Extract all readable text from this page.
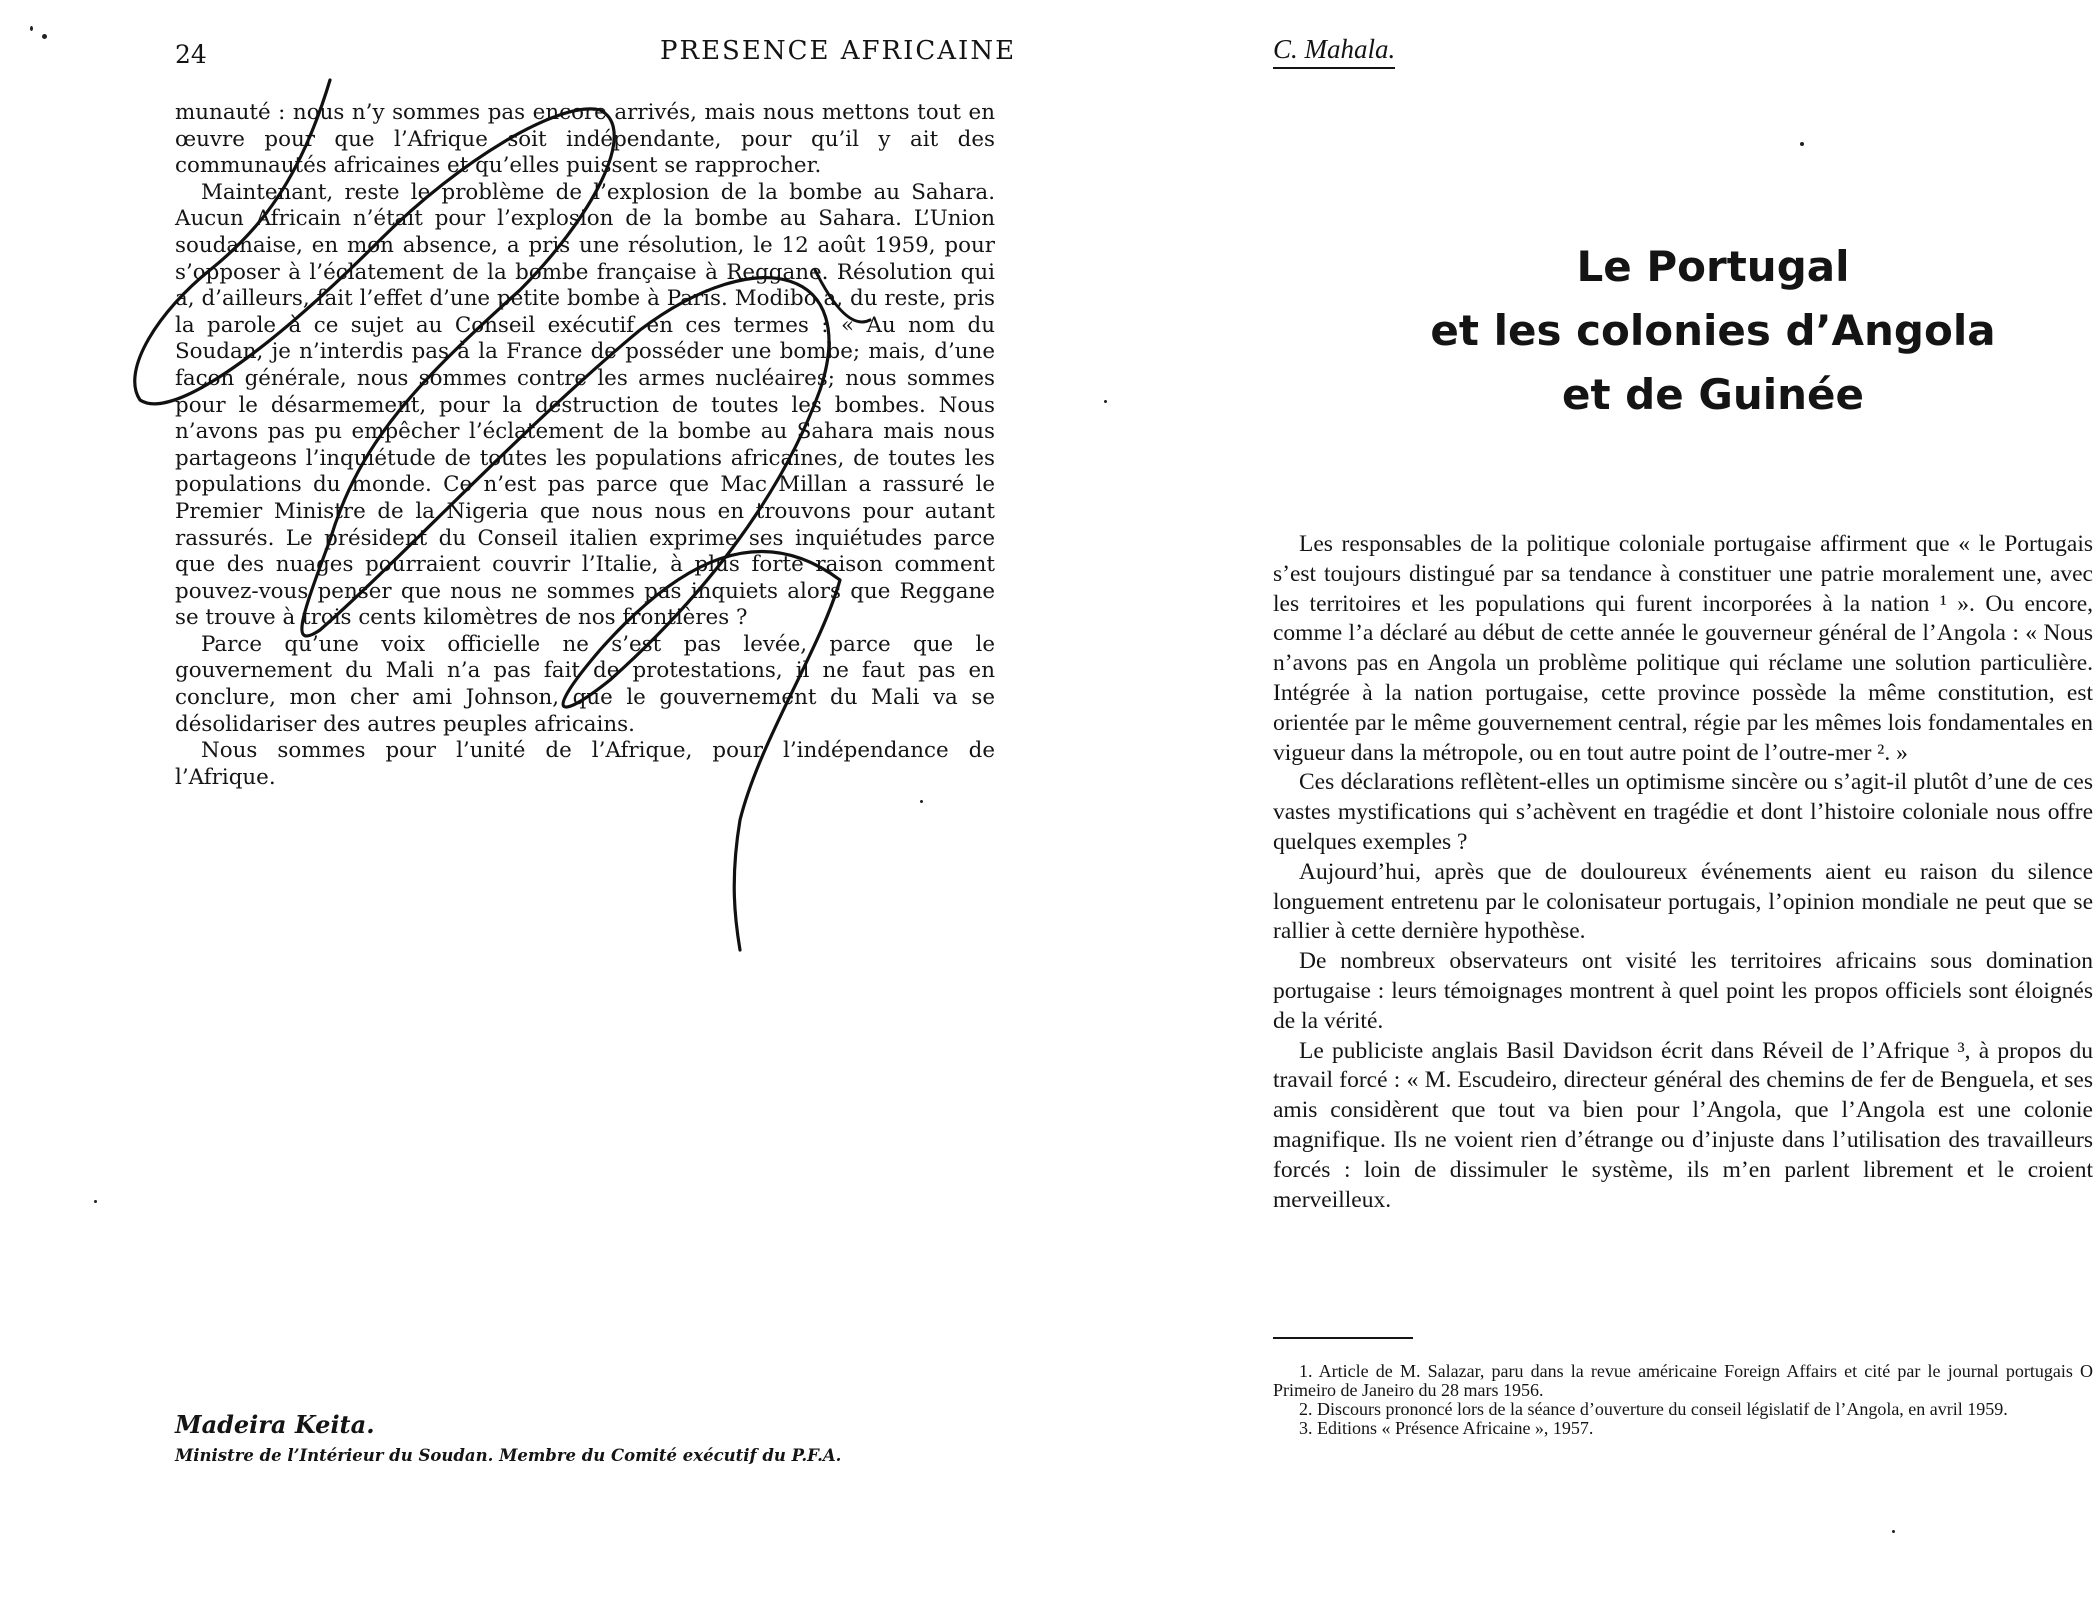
24	PRESENCE AFRICAINE

munauté : nous n’y sommes pas encore arrivés, mais nous mettons tout en œuvre pour que l’Afrique soit indépendante, pour qu’il y ait des communautés africaines et qu’elles puissent se rapprocher.

Maintenant, reste le problème de l’explosion de la bombe au Sahara. Aucun Africain n’était pour l’explosion de la bombe au Sahara. L’Union soudanaise, en mon absence, a pris une résolution, le 12 août 1959, pour s’opposer à l’éclatement de la bombe française à Reggane. Résolution qui a, d’ailleurs, fait l’effet d’une petite bombe à Paris. Modibo a, du reste, pris la parole à ce sujet au Conseil exécutif en ces termes : « Au nom du Soudan, je n’interdis pas à la France de posséder une bombe; mais, d’une façon générale, nous sommes contre les armes nucléaires; nous sommes pour le désarmement, pour la destruction de toutes les bombes. Nous n’avons pas pu empêcher l’éclatement de la bombe au Sahara mais nous partageons l’inquiétude de toutes les populations africaines, de toutes les populations du monde. Ce n’est pas parce que Mac Millan a rassuré le Premier Ministre de la Nigeria que nous nous en trouvons pour autant rassurés. Le président du Conseil italien exprime ses inquiétudes parce que des nuages pourraient couvrir l’Italie, à plus forte raison comment pouvez-vous penser que nous ne sommes pas inquiets alors que Reggane se trouve à trois cents kilomètres de nos frontières ?

Parce qu’une voix officielle ne s’est pas levée, parce que le gouvernement du Mali n’a pas fait de protestations, il ne faut pas en conclure, mon cher ami Johnson, que le gouvernement du Mali va se désolidariser des autres peuples africains.

Nous sommes pour l’unité de l’Afrique, pour l’indépendance de l’Afrique.

Madeira Keita.
Ministre de l’Intérieur du Soudan. Membre du Comité exécutif du P.F.A.
C. Mahala.
Le Portugal
et les colonies d’Angola
et de Guinée

Les responsables de la politique coloniale portugaise affirment que « le Portugais s’est toujours distingué par sa tendance à constituer une patrie moralement une, avec les territoires et les populations qui furent incorporées à la nation ¹ ». Ou encore, comme l’a déclaré au début de cette année le gouverneur général de l’Angola : « Nous n’avons pas en Angola un problème politique qui réclame une solution particulière. Intégrée à la nation portugaise, cette province possède la même constitution, est orientée par le même gouvernement central, régie par les mêmes lois fondamentales en vigueur dans la métropole, ou en tout autre point de l’outre-mer ². »

Ces déclarations reflètent-elles un optimisme sincère ou s’agit-il plutôt d’une de ces vastes mystifications qui s’achèvent en tragédie et dont l’histoire coloniale nous offre quelques exemples ?

Aujourd’hui, après que de douloureux événements aient eu raison du silence longuement entretenu par le colonisateur portugais, l’opinion mondiale ne peut que se rallier à cette dernière hypothèse.

De nombreux observateurs ont visité les territoires africains sous domination portugaise : leurs témoignages montrent à quel point les propos officiels sont éloignés de la vérité.

Le publiciste anglais Basil Davidson écrit dans Réveil de l’Afrique ³, à propos du travail forcé : « M. Escudeiro, directeur général des chemins de fer de Benguela, et ses amis considèrent que tout va bien pour l’Angola, que l’Angola est une colonie magnifique. Ils ne voient rien d’étrange ou d’injuste dans l’utilisation des travailleurs forcés : loin de dissimuler le système, ils m’en parlent librement et le croient merveilleux.

1. Article de M. Salazar, paru dans la revue américaine Foreign Affairs et cité par le journal portugais O Primeiro de Janeiro du 28 mars 1956.

2. Discours prononcé lors de la séance d’ouverture du conseil législatif de l’Angola, en avril 1959.

3. Editions « Présence Africaine », 1957.
